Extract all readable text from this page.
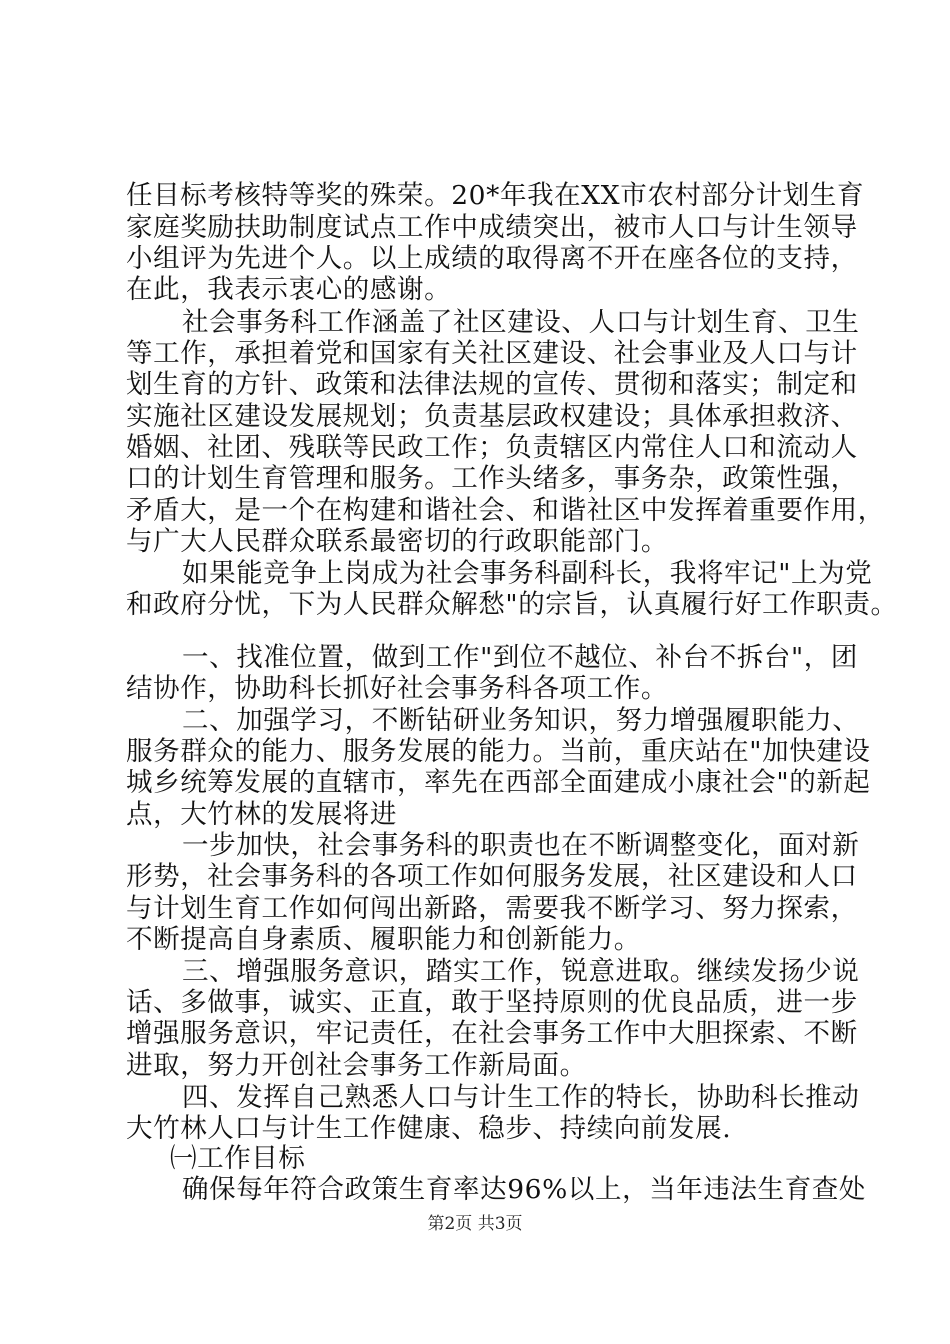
任目标考核特等奖的殊荣。20*年我在XX市农村部分计划生育
家庭奖励扶助制度试点工作中成绩突出，被市人口与计生领导
小组评为先进个人。以上成绩的取得离不开在座各位的支持，
在此，我表示衷心的感谢。
社会事务科工作涵盖了社区建设、人口与计划生育、卫生
等工作，承担着党和国家有关社区建设、社会事业及人口与计
划生育的方针、政策和法律法规的宣传、贯彻和落实；制定和
实施社区建设发展规划；负责基层政权建设；具体承担救济、
婚姻、社团、残联等民政工作；负责辖区内常住人口和流动人
口的计划生育管理和服务。工作头绪多，事务杂，政策性强，
矛盾大，是一个在构建和谐社会、和谐社区中发挥着重要作用，
与广大人民群众联系最密切的行政职能部门。
如果能竞争上岗成为社会事务科副科长，我将牢记"上为党
和政府分忧，下为人民群众解愁"的宗旨，认真履行好工作职责。
一、找准位置，做到工作"到位不越位、补台不拆台"，团
结协作，协助科长抓好社会事务科各项工作。
二、加强学习，不断钻研业务知识，努力增强履职能力、
服务群众的能力、服务发展的能力。当前，重庆站在"加快建设
城乡统筹发展的直辖市，率先在西部全面建成小康社会"的新起
点，大竹林的发展将进
一步加快，社会事务科的职责也在不断调整变化，面对新
形势，社会事务科的各项工作如何服务发展，社区建设和人口
与计划生育工作如何闯出新路，需要我不断学习、努力探索，
不断提高自身素质、履职能力和创新能力。
三、增强服务意识，踏实工作，锐意进取。继续发扬少说
话、多做事，诚实、正直，敢于坚持原则的优良品质，进一步
增强服务意识，牢记责任，在社会事务工作中大胆探索、不断
进取，努力开创社会事务工作新局面。
四、发挥自己熟悉人口与计生工作的特长，协助科长推动
大竹林人口与计生工作健康、稳步、持续向前发展.
㈠工作目标
确保每年符合政策生育率达96%以上，当年违法生育查处
第2页 共3页
